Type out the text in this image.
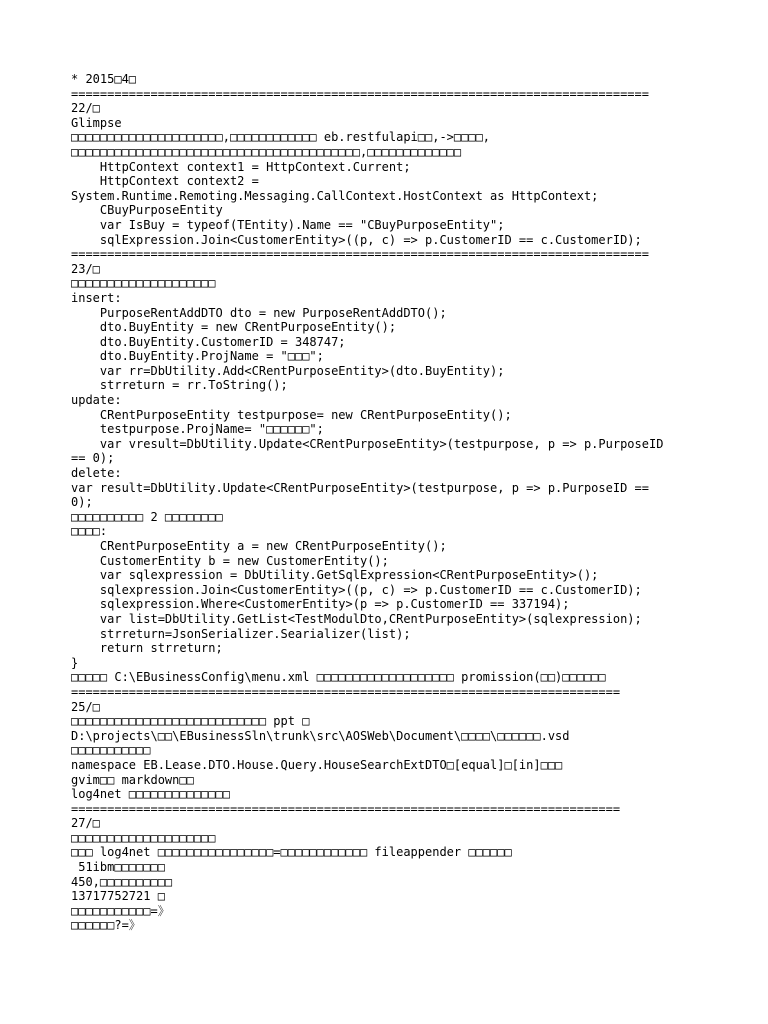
* 2015□4□
================================================================================
22/□
Glimpse
□□□□□□□□□□□□□□□□□□□□□,□□□□□□□□□□□□ eb.restfulapi□□,->□□□□,
□□□□□□□□□□□□□□□□□□□□□□□□□□□□□□□□□□□□□□□□,□□□□□□□□□□□□□
HttpContext context1 = HttpContext.Current;
HttpContext context2 =
System.Runtime.Remoting.Messaging.CallContext.HostContext as HttpContext;
CBuyPurposeEntity
var IsBuy = typeof(TEntity).Name == "CBuyPurposeEntity";
sqlExpression.Join<CustomerEntity>((p, c) => p.CustomerID == c.CustomerID);
================================================================================
23/□
□□□□□□□□□□□□□□□□□□□□
insert:
PurposeRentAddDTO dto = new PurposeRentAddDTO();
dto.BuyEntity = new CRentPurposeEntity();
dto.BuyEntity.CustomerID = 348747;
dto.BuyEntity.ProjName = "□□□";
var rr=DbUtility.Add<CRentPurposeEntity>(dto.BuyEntity);
strreturn = rr.ToString();
update:
CRentPurposeEntity testpurpose= new CRentPurposeEntity();
testpurpose.ProjName= "□□□□□□";
var vresult=DbUtility.Update<CRentPurposeEntity>(testpurpose, p => p.PurposeID
== 0);
delete:
var result=DbUtility.Update<CRentPurposeEntity>(testpurpose, p => p.PurposeID ==
0);
□□□□□□□□□□ 2 □□□□□□□□
□□□□:
CRentPurposeEntity a = new CRentPurposeEntity();
CustomerEntity b = new CustomerEntity();
var sqlexpression = DbUtility.GetSqlExpression<CRentPurposeEntity>();
sqlexpression.Join<CustomerEntity>((p, c) => p.CustomerID == c.CustomerID);
sqlexpression.Where<CustomerEntity>(p => p.CustomerID == 337194);
var list=DbUtility.GetList<TestModulDto,CRentPurposeEntity>(sqlexpression);
strreturn=JsonSerializer.Searializer(list);
return strreturn;
}
□□□□□ C:\EBusinessConfig\menu.xml □□□□□□□□□□□□□□□□□□□ promission(□□)□□□□□□
============================================================================
25/□
□□□□□□□□□□□□□□□□□□□□□□□□□□□ ppt □
D:\projects\□□\EBusinessSln\trunk\src\AOSWeb\Document\□□□□\□□□□□□.vsd
□□□□□□□□□□□
namespace EB.Lease.DTO.House.Query.HouseSearchExtDTO□[equal]□[in]□□□
gvim□□ markdown□□
log4net □□□□□□□□□□□□□□
============================================================================
27/□
□□□□□□□□□□□□□□□□□□□□
□□□ log4net □□□□□□□□□□□□□□□□=□□□□□□□□□□□□ fileappender □□□□□□
51ibm□□□□□□□
450,□□□□□□□□□□
13717752721 □
□□□□□□□□□□□=》
□□□□□□?=》
